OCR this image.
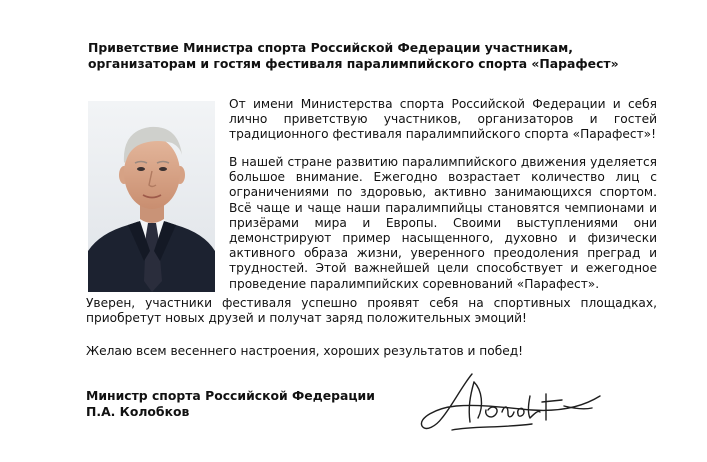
Приветствие Министра спорта Российской Федерации участникам, организаторам и гостям фестиваля паралимпийского спорта «Парафест»

От имени Министерства спорта Российской Федерации и себя лично приветствую участников, организаторов и гостей традиционного фестиваля паралимпийского спорта «Парафест»!

В нашей стране развитию паралимпийского движения уделяется большое внимание. Ежегодно возрастает количество лиц с ограничениями по здоровью, активно занимающихся спортом. Всё чаще и чаще наши паралимпийцы становятся чемпионами и призёрами мира и Европы. Своими выступлениями они демонстрируют пример насыщенного, духовно и физически активного образа жизни, уверенного преодоления преград и трудностей. Этой важнейшей цели способствует и ежегодное проведение паралимпийских соревнований «Парафест».

Уверен, участники фестиваля успешно проявят себя на спортивных площадках, приобретут новых друзей и получат заряд положительных эмоций!

Желаю всем весеннего настроения, хороших результатов и побед!

Министр спорта Российской Федерации

П.А. Колобков
